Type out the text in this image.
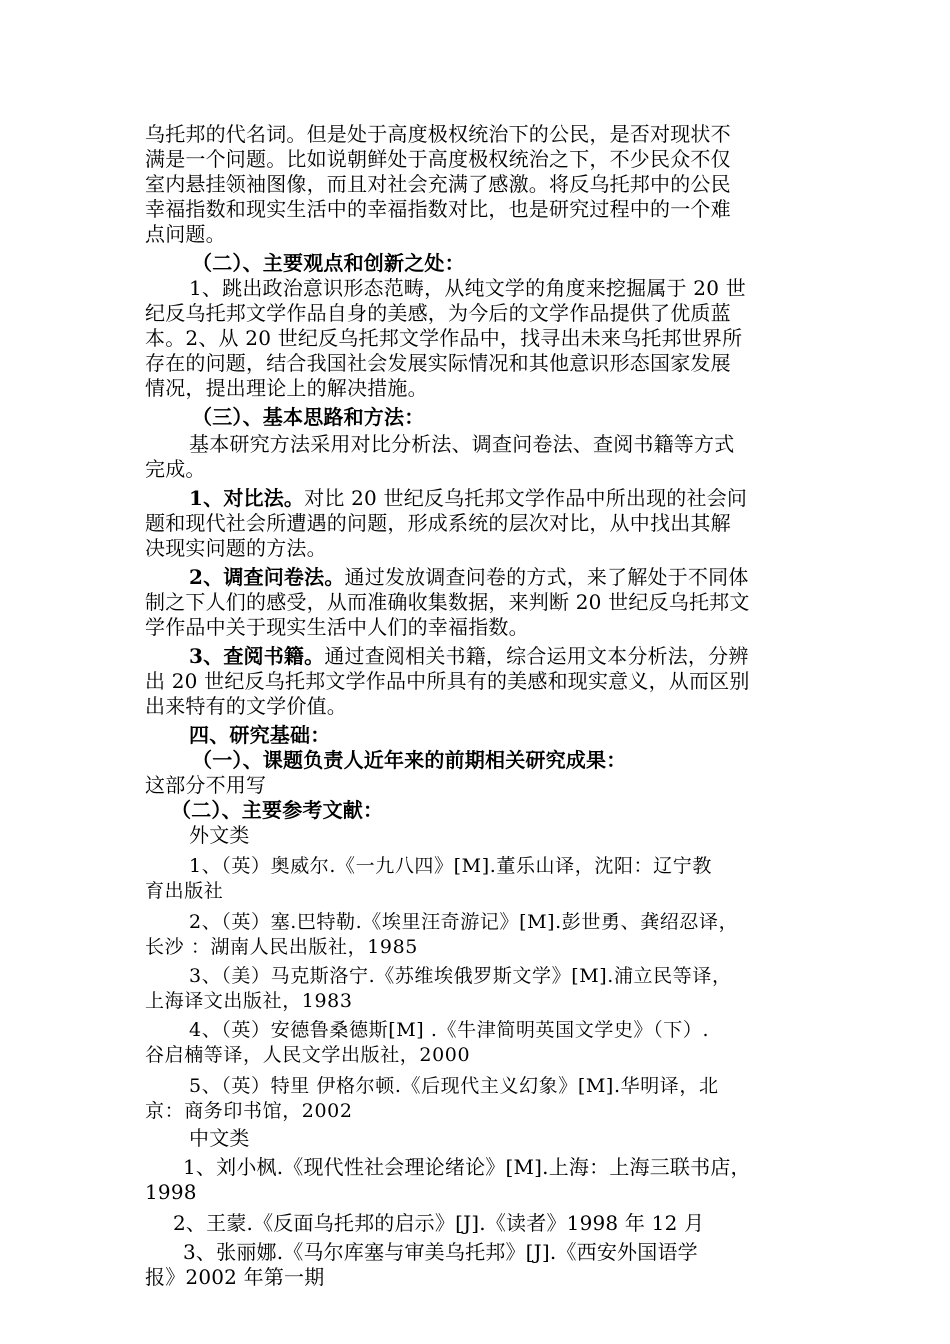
乌托邦的代名词。但是处于高度极权统治下的公民，是否对现状不
满是一个问题。比如说朝鲜处于高度极权统治之下，不少民众不仅
室内悬挂领袖图像，而且对社会充满了感激。将反乌托邦中的公民
幸福指数和现实生活中的幸福指数对比，也是研究过程中的一个难
点问题。
（二）、主要观点和创新之处：
1、跳出政治意识形态范畴，从纯文学的角度来挖掘属于 20 世
纪反乌托邦文学作品自身的美感，为今后的文学作品提供了优质蓝
本。2、从 20 世纪反乌托邦文学作品中，找寻出未来乌托邦世界所
存在的问题，结合我国社会发展实际情况和其他意识形态国家发展
情况，提出理论上的解决措施。
（三）、基本思路和方法：
基本研究方法采用对比分析法、调查问卷法、查阅书籍等方式
完成。
1、对比法。对比 20 世纪反乌托邦文学作品中所出现的社会问
题和现代社会所遭遇的问题，形成系统的层次对比，从中找出其解
决现实问题的方法。
2、调查问卷法。通过发放调查问卷的方式，来了解处于不同体
制之下人们的感受，从而准确收集数据，来判断 20 世纪反乌托邦文
学作品中关于现实生活中人们的幸福指数。
3、查阅书籍。通过查阅相关书籍，综合运用文本分析法，分辨
出 20 世纪反乌托邦文学作品中所具有的美感和现实意义，从而区别
出来特有的文学价值。
四、研究基础：
（一）、课题负责人近年来的前期相关研究成果：
这部分不用写
（二）、主要参考文献：
外文类
1、（英）奥威尔.《一九八四》[M].董乐山译，沈阳：辽宁教
育出版社
2、（英）塞.巴特勒.《埃里汪奇游记》[M].彭世勇、龚绍忍译，
长沙 ：湖南人民出版社，1985
3、（美）马克斯洛宁.《苏维埃俄罗斯文学》[M].浦立民等译，
上海译文出版社，1983
4、（英）安德鲁桑德斯[M] .《牛津简明英国文学史》（下）.
谷启楠等译，人民文学出版社，2000
5、（英）特里 伊格尔顿.《后现代主义幻象》[M].华明译，北
京：商务印书馆，2002
中文类
1、刘小枫.《现代性社会理论绪论》[M].上海：上海三联书店，
1998
2、王蒙.《反面乌托邦的启示》[J].《读者》1998 年 12 月
3、张丽娜.《马尔库塞与审美乌托邦》[J].《西安外国语学
报》2002 年第一期
